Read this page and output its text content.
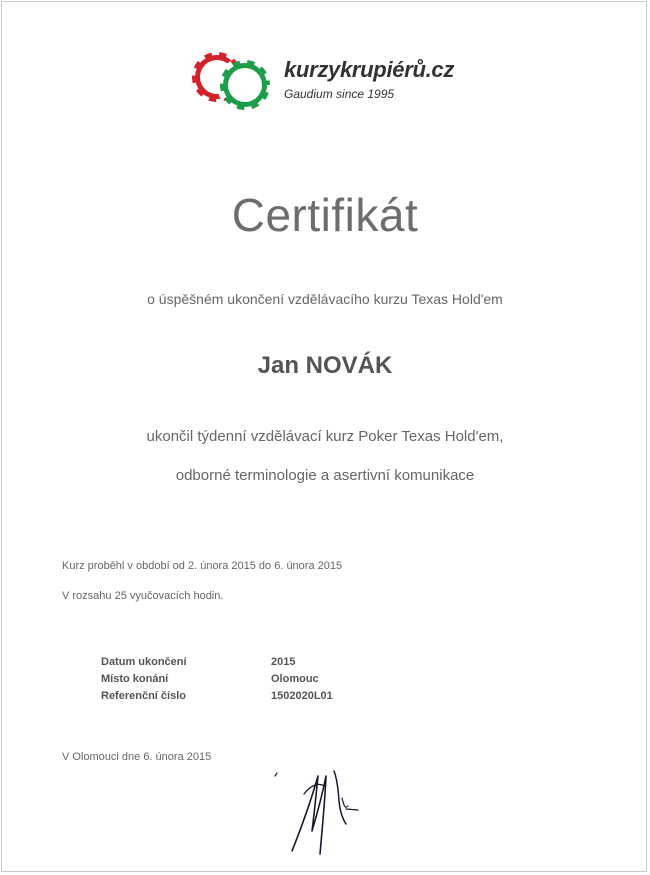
kurzykrupiérů.cz
Gaudium since 1995
Certifikát
o úspěšném ukončení vzdělávacího kurzu Texas Hold'em
Jan NOVÁK
ukončil týdenní vzdělávací kurz Poker Texas Hold'em,
odborné terminologie a asertivní komunikace
Kurz proběhl v období od 2. února 2015 do 6. února 2015
V rozsahu 25 vyučovacích hodin.
Datum ukončení	2015
Místo konání	Olomouc
Referenční číslo	1502020L01
V Olomouci dne 6. února 2015
